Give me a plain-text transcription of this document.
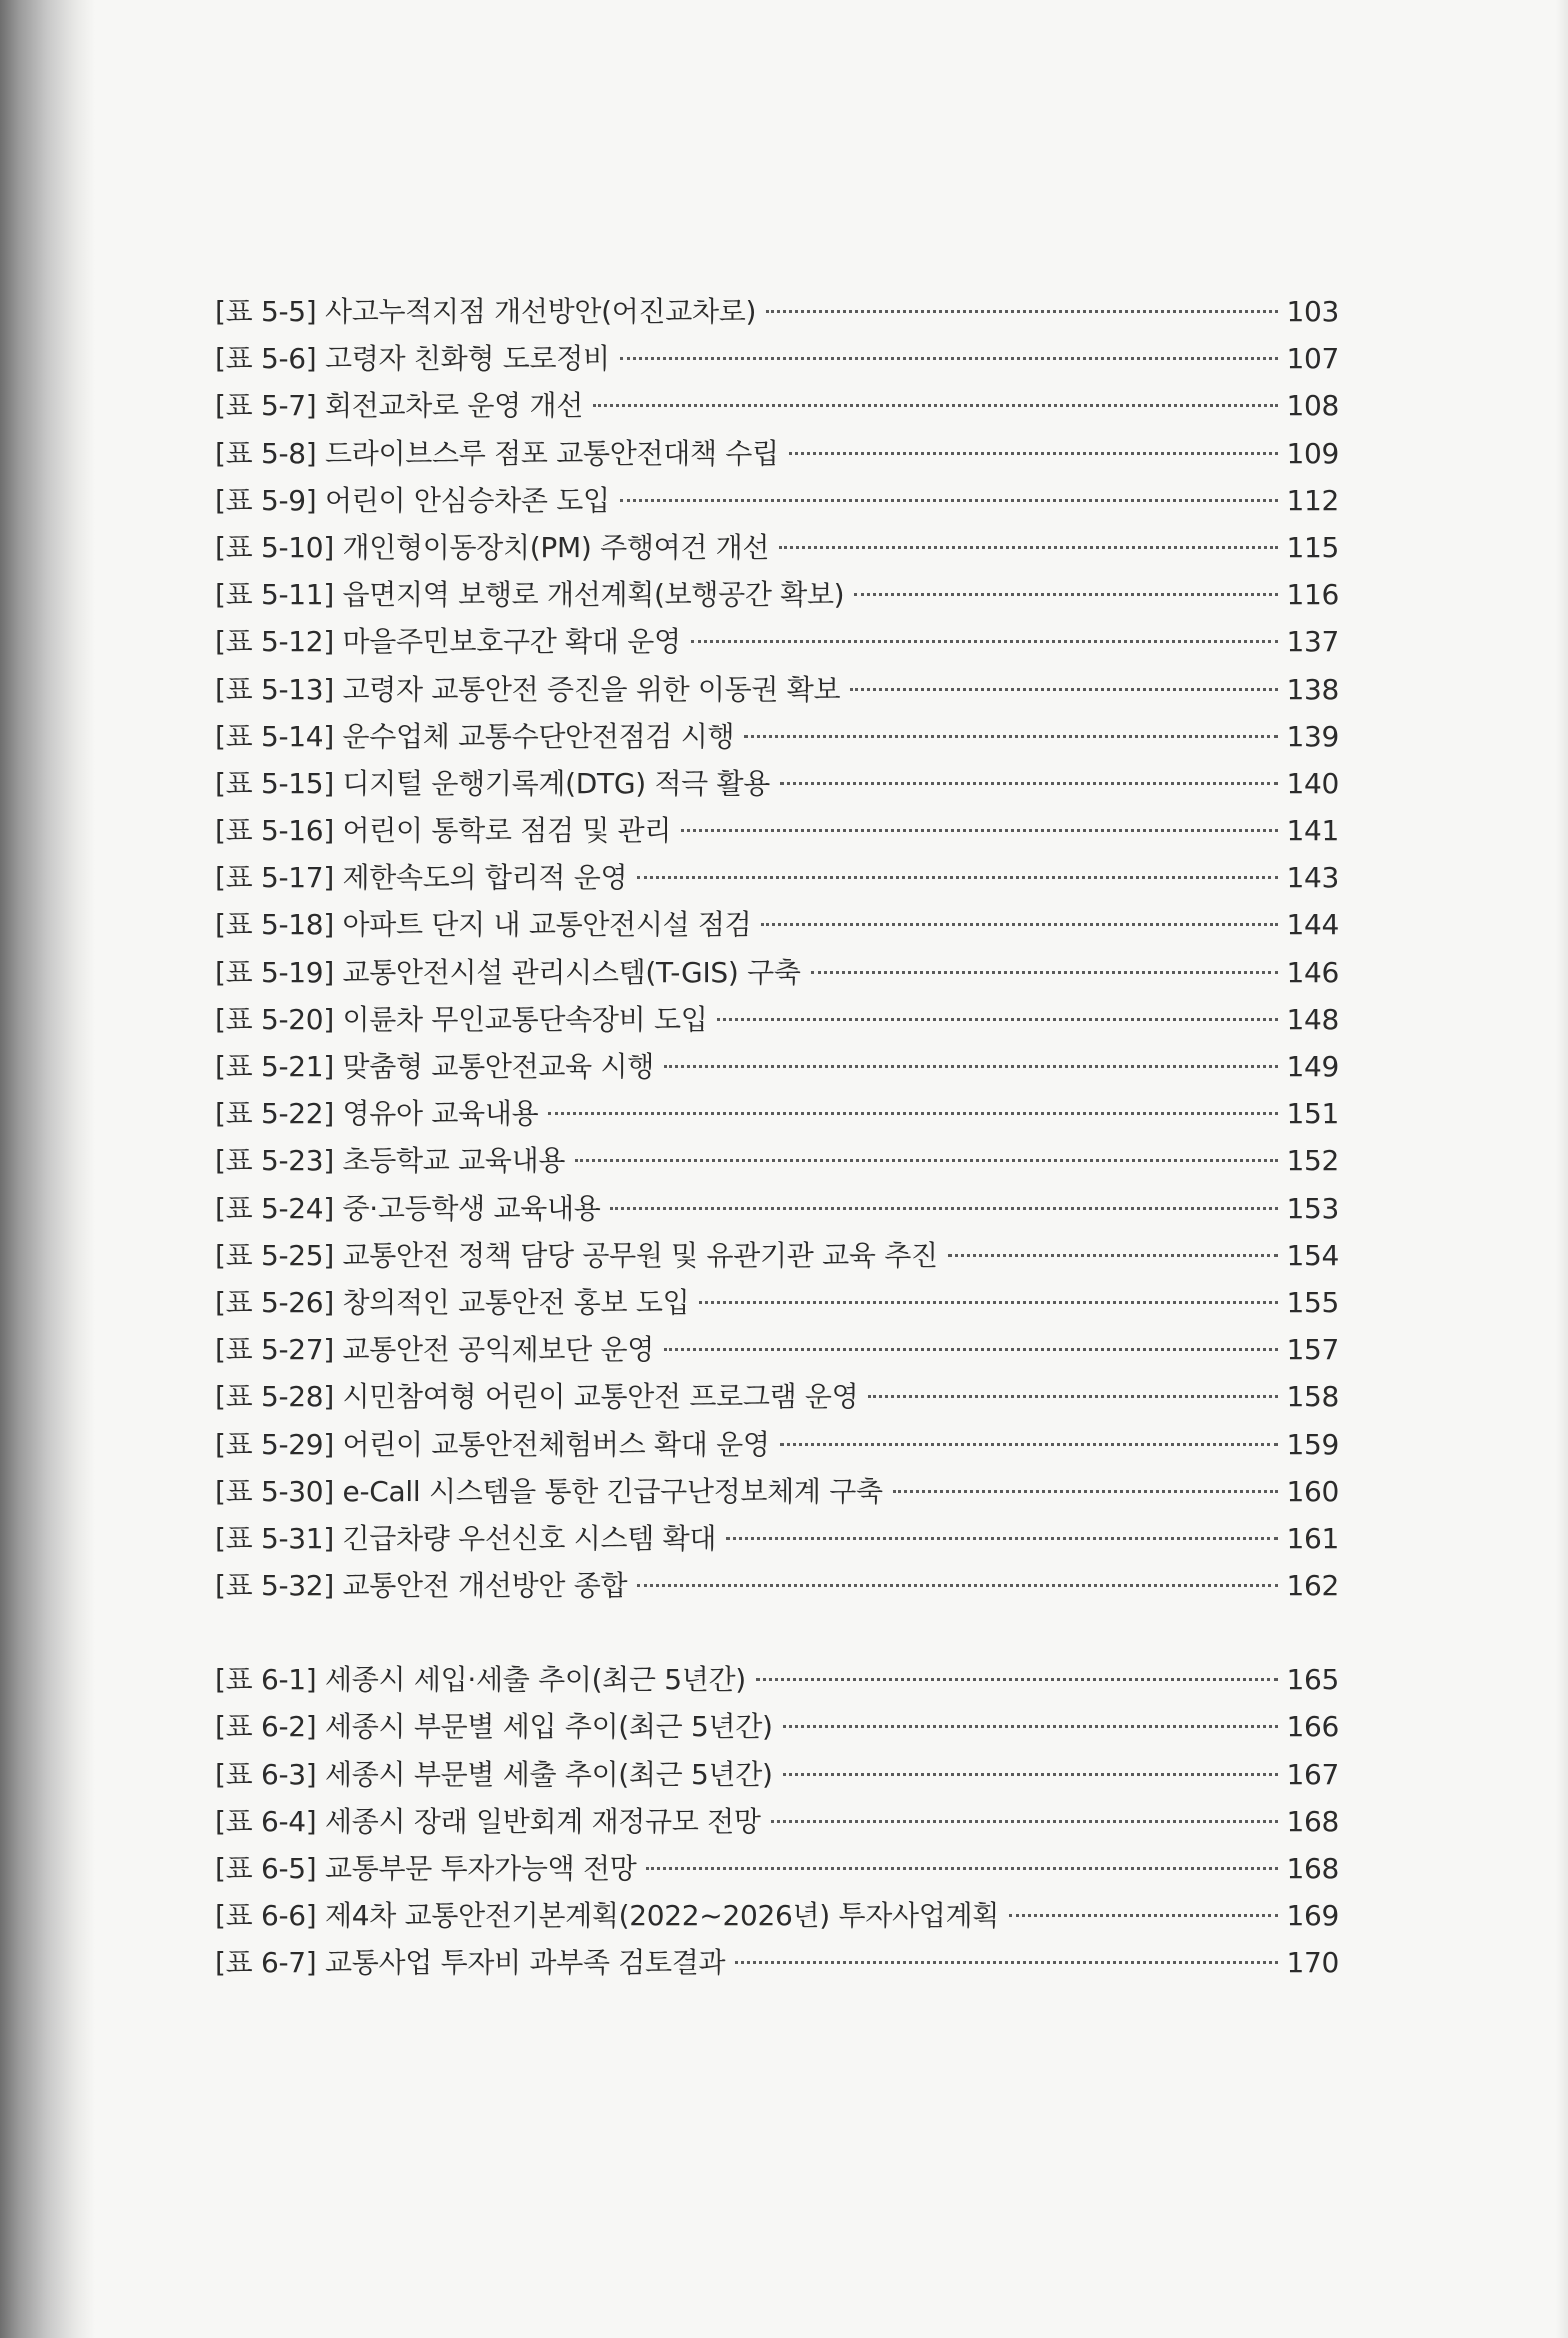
[표 5-5] 사고누적지점 개선방안(어진교차로)	103
[표 5-6] 고령자 친화형 도로정비	107
[표 5-7] 회전교차로 운영 개선	108
[표 5-8] 드라이브스루 점포 교통안전대책 수립	109
[표 5-9] 어린이 안심승차존 도입	112
[표 5-10] 개인형이동장치(PM) 주행여건 개선	115
[표 5-11] 읍면지역 보행로 개선계획(보행공간 확보)	116
[표 5-12] 마을주민보호구간 확대 운영	137
[표 5-13] 고령자 교통안전 증진을 위한 이동권 확보	138
[표 5-14] 운수업체 교통수단안전점검 시행	139
[표 5-15] 디지털 운행기록계(DTG) 적극 활용	140
[표 5-16] 어린이 통학로 점검 및 관리	141
[표 5-17] 제한속도의 합리적 운영	143
[표 5-18] 아파트 단지 내 교통안전시설 점검	144
[표 5-19] 교통안전시설 관리시스템(T-GIS) 구축	146
[표 5-20] 이륜차 무인교통단속장비 도입	148
[표 5-21] 맞춤형 교통안전교육 시행	149
[표 5-22] 영유아 교육내용	151
[표 5-23] 초등학교 교육내용	152
[표 5-24] 중·고등학생 교육내용	153
[표 5-25] 교통안전 정책 담당 공무원 및 유관기관 교육 추진	154
[표 5-26] 창의적인 교통안전 홍보 도입	155
[표 5-27] 교통안전 공익제보단 운영	157
[표 5-28] 시민참여형 어린이 교통안전 프로그램 운영	158
[표 5-29] 어린이 교통안전체험버스 확대 운영	159
[표 5-30] e-Call 시스템을 통한 긴급구난정보체계 구축	160
[표 5-31] 긴급차량 우선신호 시스템 확대	161
[표 5-32] 교통안전 개선방안 종합	162
[표 6-1] 세종시 세입·세출 추이(최근 5년간)	165
[표 6-2] 세종시 부문별 세입 추이(최근 5년간)	166
[표 6-3] 세종시 부문별 세출 추이(최근 5년간)	167
[표 6-4] 세종시 장래 일반회계 재정규모 전망	168
[표 6-5] 교통부문 투자가능액 전망	168
[표 6-6] 제4차 교통안전기본계획(2022~2026년) 투자사업계획	169
[표 6-7] 교통사업 투자비 과부족 검토결과	170
